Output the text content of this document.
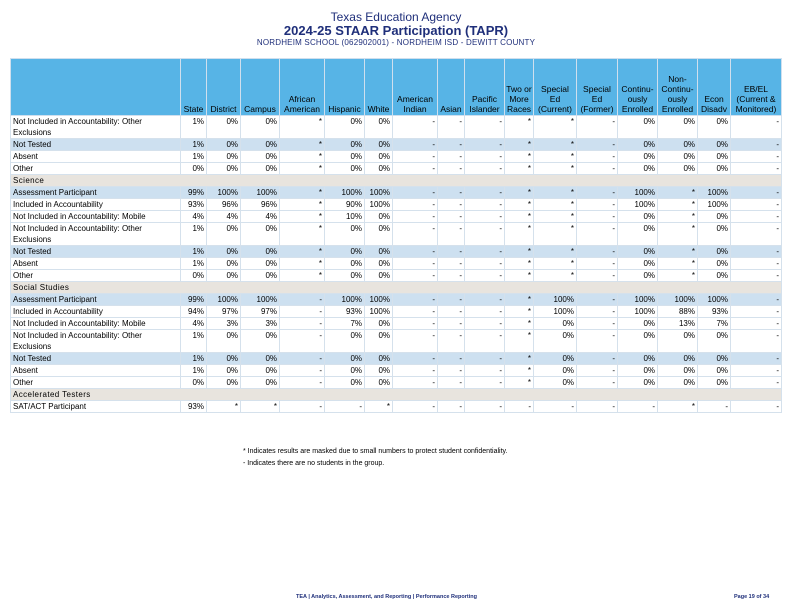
Texas Education Agency
2024-25 STAAR Participation (TAPR)
NORDHEIM SCHOOL (062902001) - NORDHEIM ISD - DEWITT COUNTY
	State	District	Campus	African American	Hispanic	White	American Indian	Asian	Pacific Islander	Two or More Races	Special Ed (Current)	Special Ed (Former)	Continu-ously Enrolled	Non-Continu-ously Enrolled	Econ Disadv	EB/EL (Current & Monitored)
Not Included in Accountability: Other Exclusions	1%	0%	0%	*	0%	0%	-	-	-	*	*	-	0%	0%	0%	-
Not Tested	1%	0%	0%	*	0%	0%	-	-	-	*	*	-	0%	0%	0%	-
Absent	1%	0%	0%	*	0%	0%	-	-	-	*	*	-	0%	0%	0%	-
Other	0%	0%	0%	*	0%	0%	-	-	-	*	*	-	0%	0%	0%	-
Science																
Assessment Participant	99%	100%	100%	*	100%	100%	-	-	-	*	*	-	100%	*	100%	-
Included in Accountability	93%	96%	96%	*	90%	100%	-	-	-	*	*	-	100%	*	100%	-
Not Included in Accountability: Mobile	4%	4%	4%	*	10%	0%	-	-	-	*	*	-	0%	*	0%	-
Not Included in Accountability: Other Exclusions	1%	0%	0%	*	0%	0%	-	-	-	*	*	-	0%	*	0%	-
Not Tested	1%	0%	0%	*	0%	0%	-	-	-	*	*	-	0%	*	0%	-
Absent	1%	0%	0%	*	0%	0%	-	-	-	*	*	-	0%	*	0%	-
Other	0%	0%	0%	*	0%	0%	-	-	-	*	*	-	0%	*	0%	-
Social Studies																
Assessment Participant	99%	100%	100%	-	100%	100%	-	-	-	*	100%	-	100%	100%	100%	-
Included in Accountability	94%	97%	97%	-	93%	100%	-	-	-	*	100%	-	100%	88%	93%	-
Not Included in Accountability: Mobile	4%	3%	3%	-	7%	0%	-	-	-	*	0%	-	0%	13%	7%	-
Not Included in Accountability: Other Exclusions	1%	0%	0%	-	0%	0%	-	-	-	*	0%	-	0%	0%	0%	-
Not Tested	1%	0%	0%	-	0%	0%	-	-	-	*	0%	-	0%	0%	0%	-
Absent	1%	0%	0%	-	0%	0%	-	-	-	*	0%	-	0%	0%	0%	-
Other	0%	0%	0%	-	0%	0%	-	-	-	*	0%	-	0%	0%	0%	-
Accelerated Testers																
SAT/ACT Participant	93%	*	*	-	-	*	-	-	-	-	-	-	-	*	-	-
* Indicates results are masked due to small numbers to protect student confidentiality.
- Indicates there are no students in the group.
TEA | Analytics, Assessment, and Reporting | Performance Reporting	Page 19 of 34
